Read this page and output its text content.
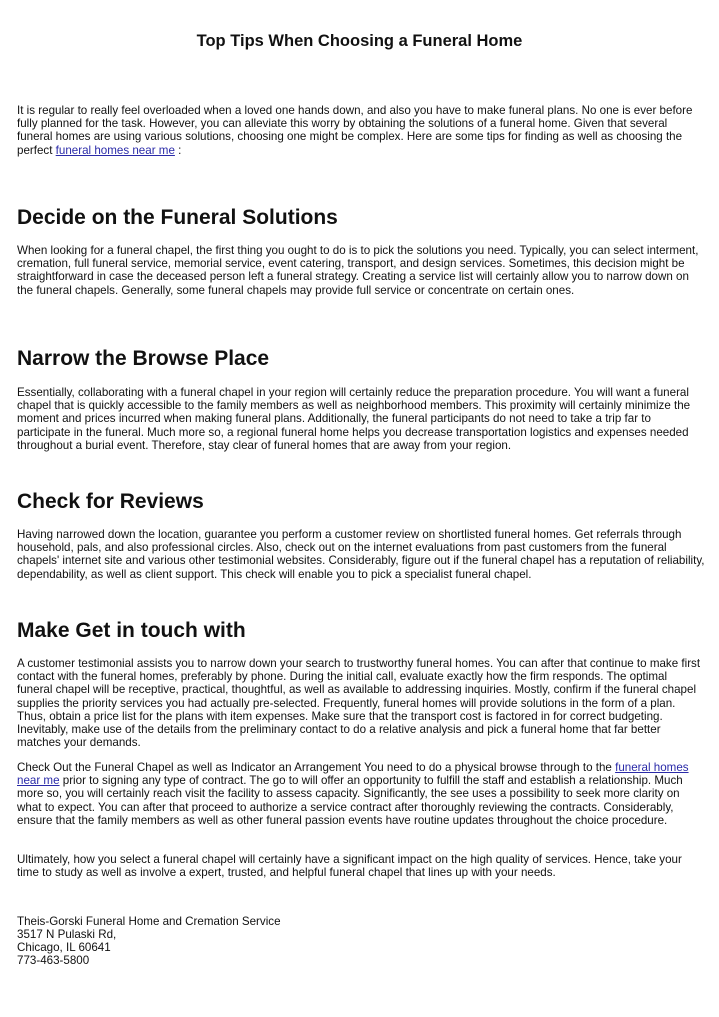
Top Tips When Choosing a Funeral Home

It is regular to really feel overloaded when a loved one hands down, and also you have to make funeral plans. No one is ever before fully planned for the task. However, you can alleviate this worry by obtaining the solutions of a funeral home. Given that several funeral homes are using various solutions, choosing one might be complex. Here are some tips for finding as well as choosing the perfect funeral homes near me :

Decide on the Funeral Solutions

When looking for a funeral chapel, the first thing you ought to do is to pick the solutions you need. Typically, you can select interment, cremation, full funeral service, memorial service, event catering, transport, and design services. Sometimes, this decision might be straightforward in case the deceased person left a funeral strategy. Creating a service list will certainly allow you to narrow down on the funeral chapels. Generally, some funeral chapels may provide full service or concentrate on certain ones.

Narrow the Browse Place

Essentially, collaborating with a funeral chapel in your region will certainly reduce the preparation procedure. You will want a funeral chapel that is quickly accessible to the family members as well as neighborhood members. This proximity will certainly minimize the moment and prices incurred when making funeral plans. Additionally, the funeral participants do not need to take a trip far to participate in the funeral. Much more so, a regional funeral home helps you decrease transportation logistics and expenses needed throughout a burial event. Therefore, stay clear of funeral homes that are away from your region.

Check for Reviews

Having narrowed down the location, guarantee you perform a customer review on shortlisted funeral homes. Get referrals through household, pals, and also professional circles. Also, check out on the internet evaluations from past customers from the funeral chapels' internet site and various other testimonial websites. Considerably, figure out if the funeral chapel has a reputation of reliability, dependability, as well as client support. This check will enable you to pick a specialist funeral chapel.

Make Get in touch with

A customer testimonial assists you to narrow down your search to trustworthy funeral homes. You can after that continue to make first contact with the funeral homes, preferably by phone. During the initial call, evaluate exactly how the firm responds. The optimal funeral chapel will be receptive, practical, thoughtful, as well as available to addressing inquiries. Mostly, confirm if the funeral chapel supplies the priority services you had actually pre-selected. Frequently, funeral homes will provide solutions in the form of a plan. Thus, obtain a price list for the plans with item expenses. Make sure that the transport cost is factored in for correct budgeting. Inevitably, make use of the details from the preliminary contact to do a relative analysis and pick a funeral home that far better matches your demands.

Check Out the Funeral Chapel as well as Indicator an Arrangement You need to do a physical browse through to the funeral homes near me prior to signing any type of contract. The go to will offer an opportunity to fulfill the staff and establish a relationship. Much more so, you will certainly reach visit the facility to assess capacity. Significantly, the see uses a possibility to seek more clarity on what to expect. You can after that proceed to authorize a service contract after thoroughly reviewing the contracts. Considerably, ensure that the family members as well as other funeral passion events have routine updates throughout the choice procedure.

Ultimately, how you select a funeral chapel will certainly have a significant impact on the high quality of services. Hence, take your time to study as well as involve a expert, trusted, and helpful funeral chapel that lines up with your needs.

Theis-Gorski Funeral Home and Cremation Service

3517 N Pulaski Rd,

Chicago, IL 60641

773-463-5800
